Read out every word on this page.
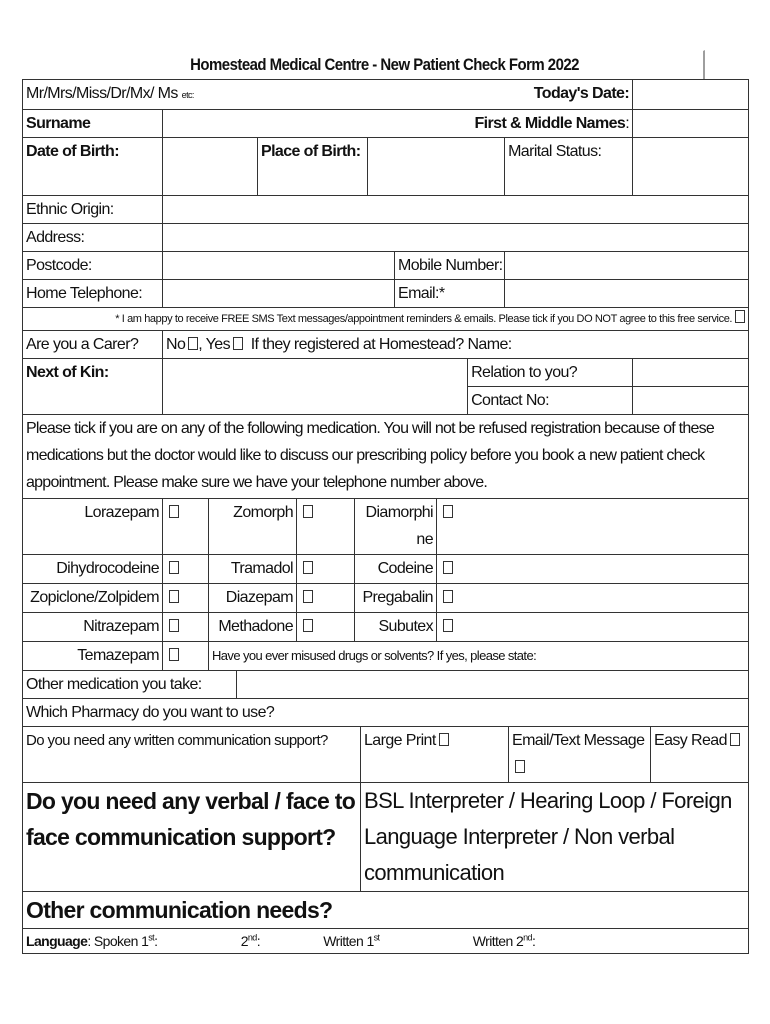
Homestead Medical Centre - New Patient Check Form 2022
Mr/Mrs/Miss/Dr/Mx/ Ms etc:					Today's Date:		
Surname					First & Middle Names:		
Date of Birth:		Place of Birth:				Marital Status:	
Ethnic Origin:							
Address:							
Postcode:				Mobile Number:			
Home Telephone:				Email:*			
* I am happy to receive FREE SMS Text messages/appointment reminders & emails. Please tick if you DO NOT agree to this free service.							
Are you a Carer?	No , Yes If they registered at Homestead? Name:						
Next of Kin:					Relation to you?		
					Contact No:		
Please tick if you are on any of the following medication. You will not be refused registration because of these medications but the doctor would like to discuss our prescribing policy before you book a new patient check appointment. Please make sure we have your telephone number above.							
Lorazepam		Zomorph		Diamorphine	
Dihydrocodeine		Tramadol		Codeine	
Zopiclone/Zolpidem		Diazepam		Pregabalin	
Nitrazepam		Methadone		Subutex	
Temazepam		Have you ever misused drugs or solvents? If yes, please state:			
Other medication you take:				
Which Pharmacy do you want to use?				
Do you need any written communication support?		Large Print	Email/Text Message	Easy Read
Do you need any verbal / face to face communication support?		BSL Interpreter / Hearing Loop / Foreign Language Interpreter / Non verbal communication		
Other communication needs?				
Language: Spoken 1st: 2nd: Written 1st Written 2nd:				
